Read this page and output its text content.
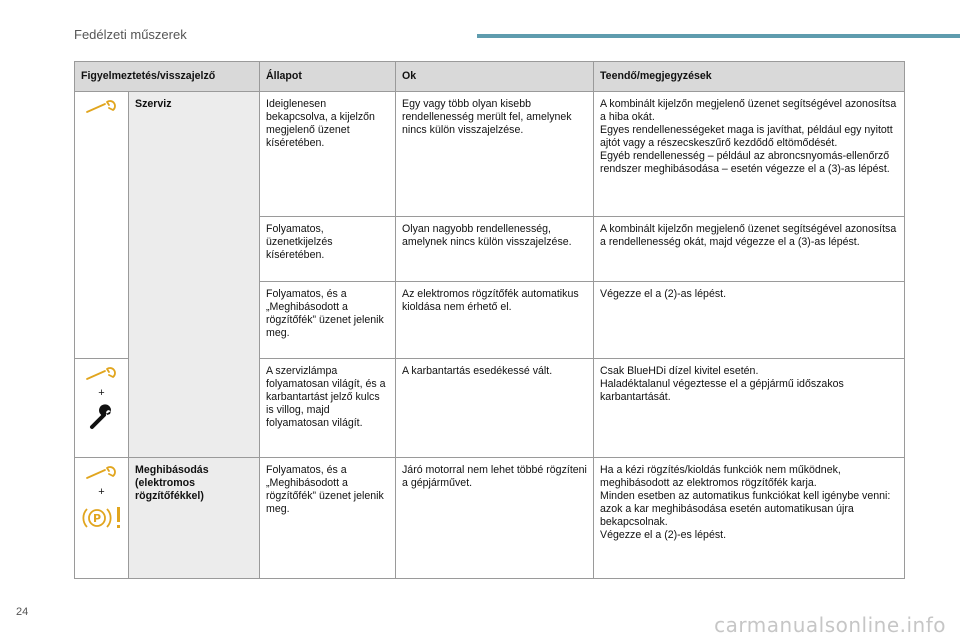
Fedélzeti műszerek
Figyelmeztetés/visszajelző		Állapot	Ok	Teendő/megjegyzések

	Szerviz	Ideiglenesen bekapcsolva, a kijelzőn megjelenő üzenet kíséretében.	Egy vagy több olyan kisebb rendellenesség merült fel, amelynek nincs külön visszajelzése.	A kombinált kijelzőn megjelenő üzenet segítségével azonosítsa a hiba okát.
Egyes rendellenességeket maga is javíthat, például egy nyitott ajtót vagy a részecskeszűrő kezdődő eltömődését.
Egyéb rendellenesség – például az abroncsnyomás-ellenőrző rendszer meghibásodása – esetén végezze el a (3)-as lépést.
		Folyamatos, üzenetkijelzés kíséretében.	Olyan nagyobb rendellenesség, amelynek nincs külön visszajelzése.	A kombinált kijelzőn megjelenő üzenet segítségével azonosítsa a rendellenesség okát, majd végezze el a (3)-as lépést.
		Folyamatos, és a „Meghibásodott a rögzítőfék” üzenet jelenik meg.	Az elektromos rögzítőfék automatikus kioldása nem érhető el.	Végezze el a (2)-as lépést.

+		A szervizlámpa folyamatosan világít, és a karbantartást jelző kulcs is villog, majd folyamatosan világít.	A karbantartás esedékessé vált.	Csak BlueHDi dízel kivitel esetén.
Haladéktalanul végeztesse el a gépjármű időszakos karbantartását.

+
P	Meghibásodás (elektromos rögzítőfékkel)	Folyamatos, és a „Meghibásodott a rögzítőfék” üzenet jelenik meg.	Járó motorral nem lehet többé rögzíteni a gépjárművet.	Ha a kézi rögzítés/kioldás funkciók nem működnek, meghibásodott az elektromos rögzítőfék karja.
Minden esetben az automatikus funkciókat kell igénybe venni: azok a kar meghibásodása esetén automatikusan újra bekapcsolnak.
Végezze el a (2)-es lépést.
24
carmanualsonline.info
